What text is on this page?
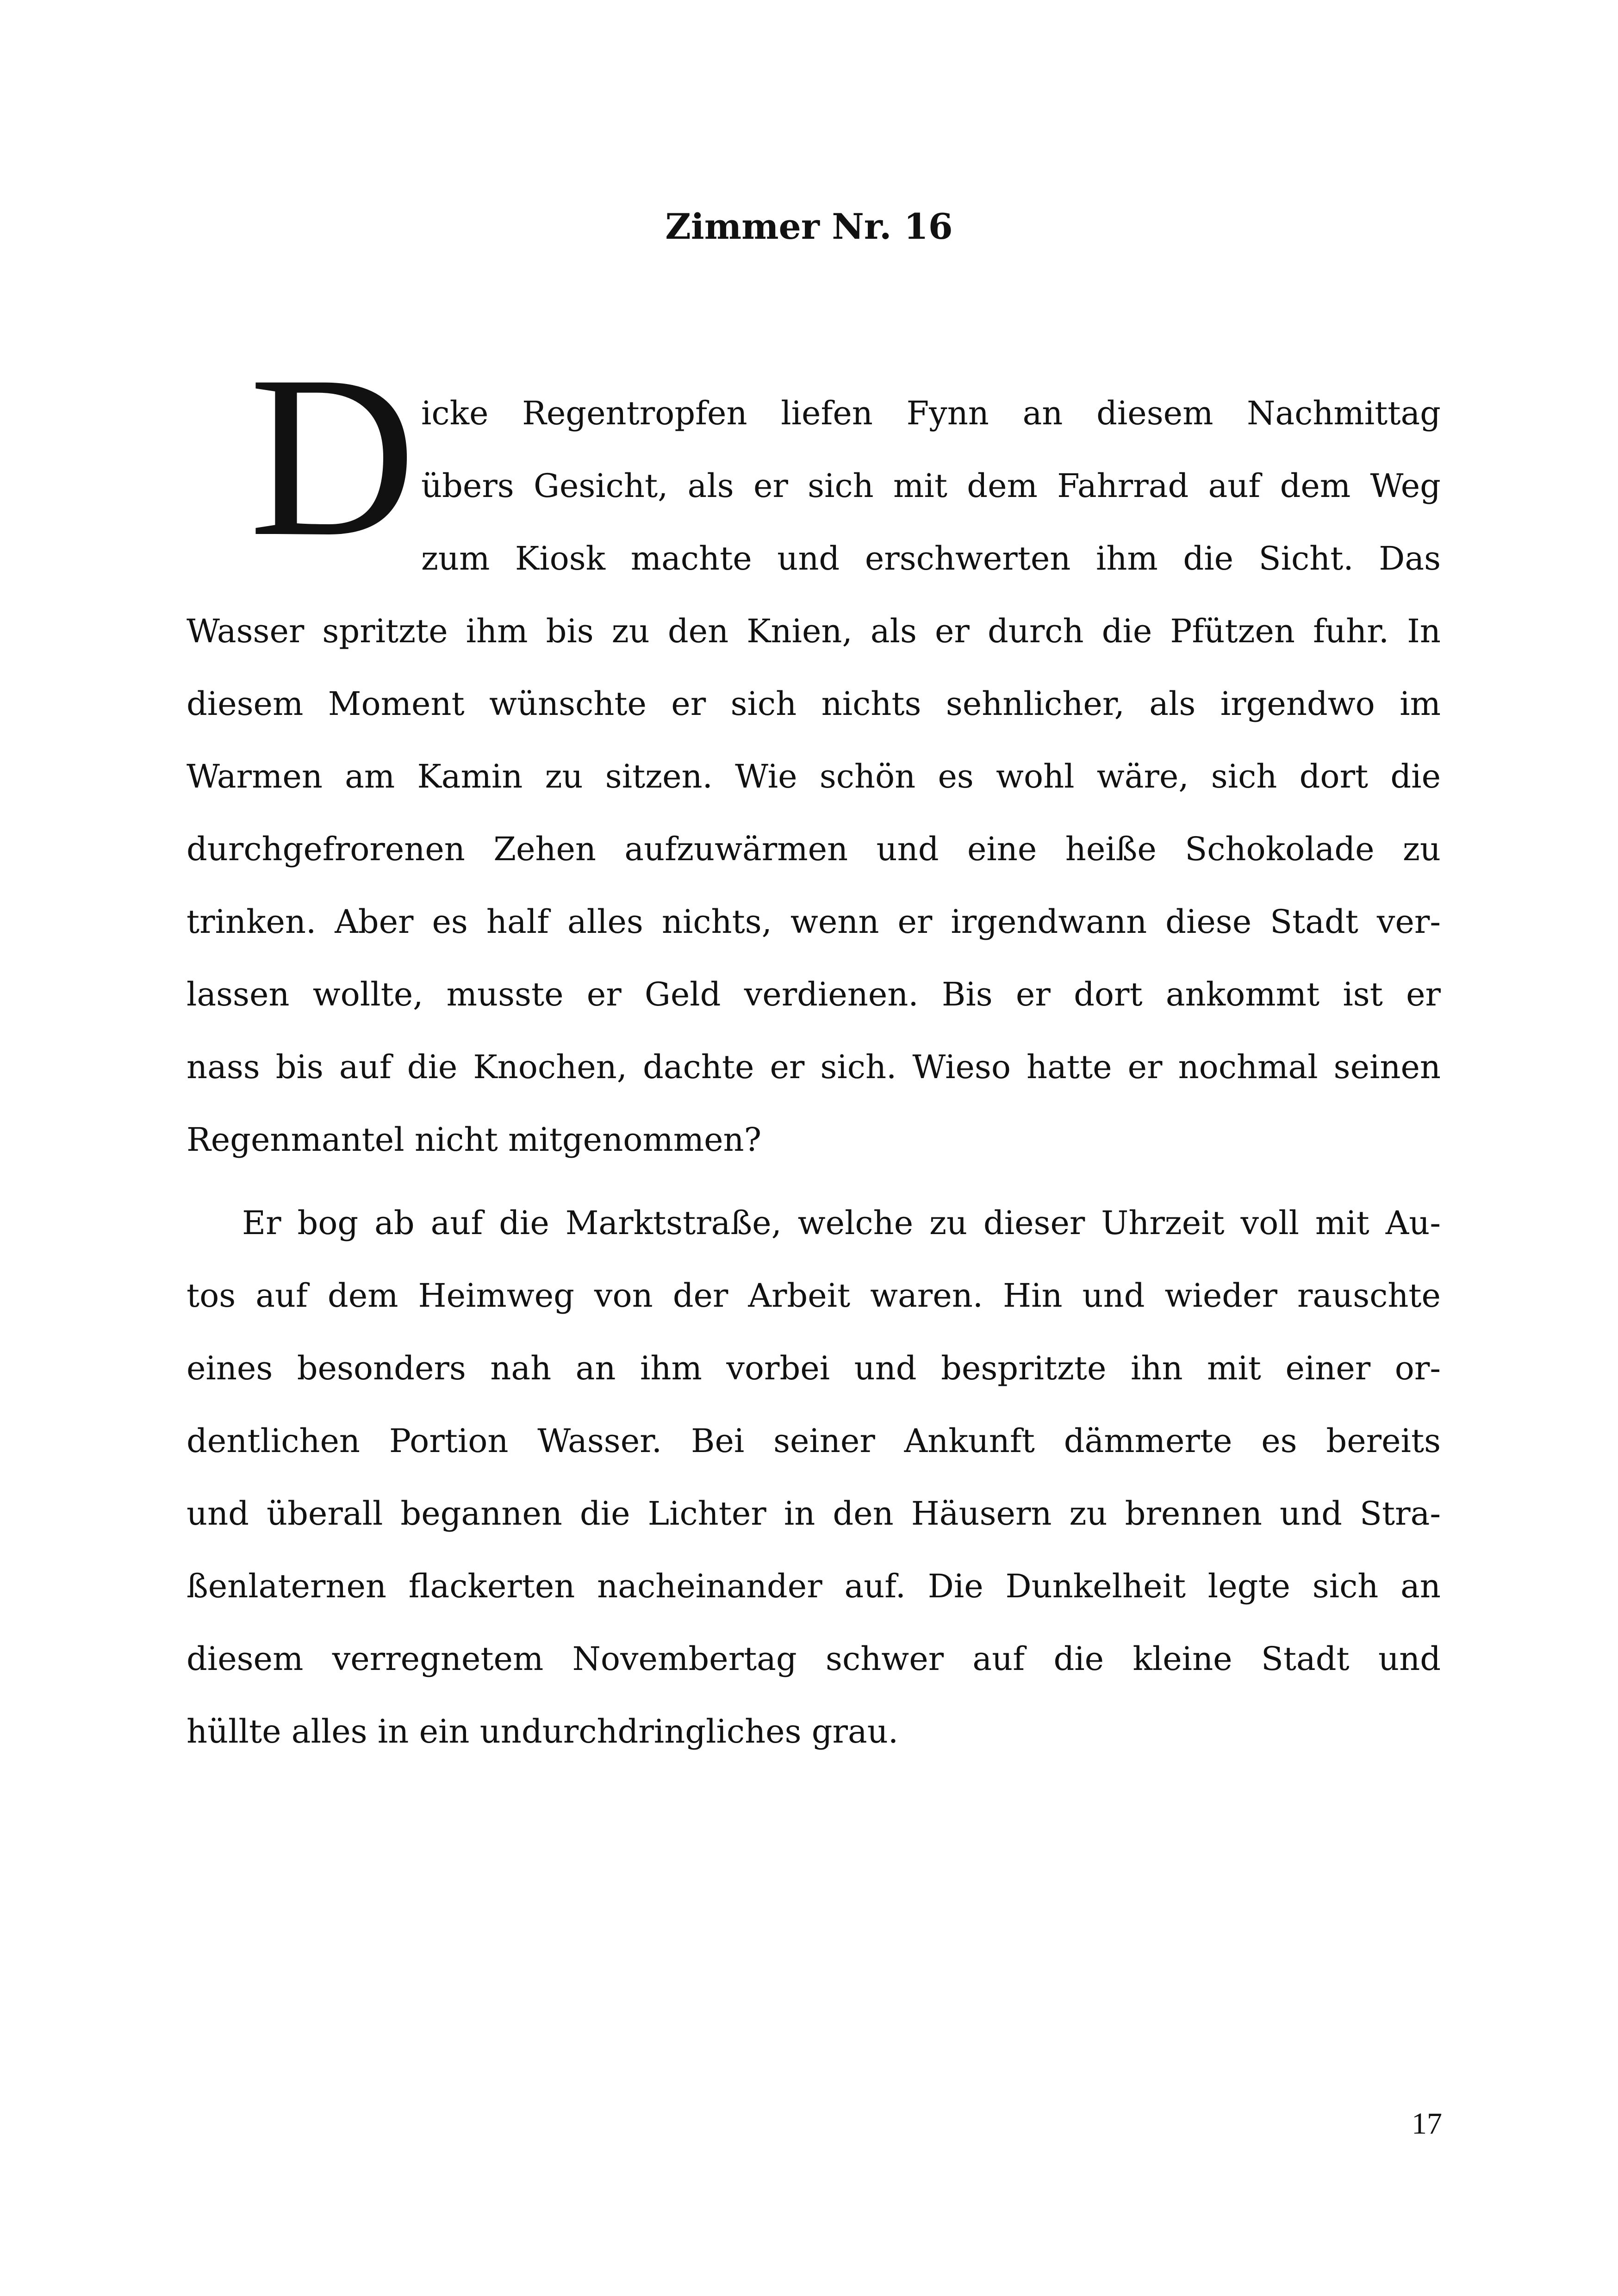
Zimmer Nr. 16
D icke Regentropfen liefen Fynn an diesem Nachmittag
übers Gesicht, als er sich mit dem Fahrrad auf dem Weg
zum Kiosk machte und erschwerten ihm die Sicht. Das
Wasser spritzte ihm bis zu den Knien, als er durch die Pfützen fuhr. In
diesem Moment wünschte er sich nichts sehnlicher, als irgendwo im
Warmen am Kamin zu sitzen. Wie schön es wohl wäre, sich dort die
durchgefrorenen Zehen aufzuwärmen und eine heiße Schokolade zu
trinken. Aber es half alles nichts, wenn er irgendwann diese Stadt ver-
lassen wollte, musste er Geld verdienen. Bis er dort ankommt ist er
nass bis auf die Knochen, dachte er sich. Wieso hatte er nochmal seinen
Regenmantel nicht mitgenommen?
Er bog ab auf die Marktstraße, welche zu dieser Uhrzeit voll mit Au-
tos auf dem Heimweg von der Arbeit waren. Hin und wieder rauschte
eines besonders nah an ihm vorbei und bespritzte ihn mit einer or-
dentlichen Portion Wasser. Bei seiner Ankunft dämmerte es bereits
und überall begannen die Lichter in den Häusern zu brennen und Stra-
ßenlaternen flackerten nacheinander auf. Die Dunkelheit legte sich an
diesem verregnetem Novembertag schwer auf die kleine Stadt und
hüllte alles in ein undurchdringliches grau.
17
